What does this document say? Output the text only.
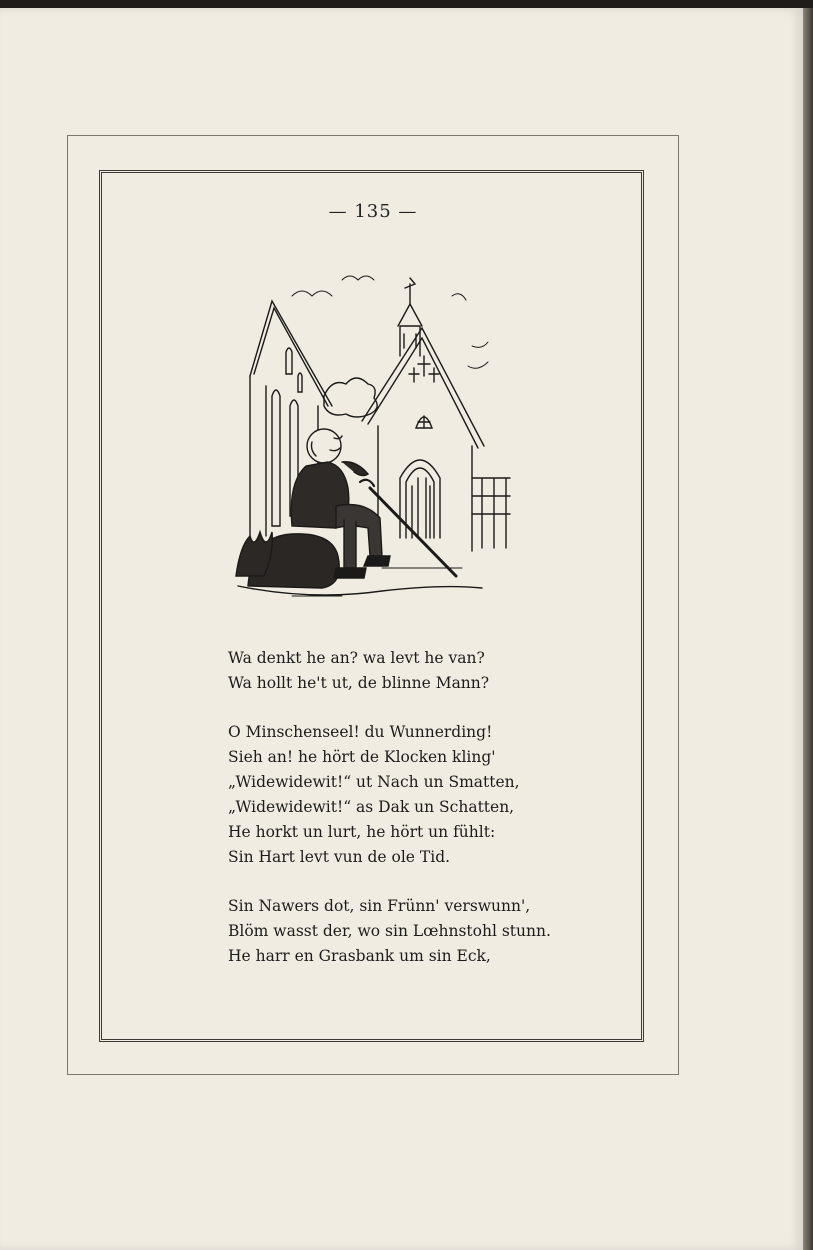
— 135 —
Wa denkt he an? wa levt he van?
Wa hollt he't ut, de blinne Mann?
O Minschenseel! du Wunnerding!
Sieh an! he hört de Klocken kling'
„Widewidewit!“ ut Nach un Smatten,
„Widewidewit!“ as Dak un Schatten,
He horkt un lurt, he hört un fühlt:
Sin Hart levt vun de ole Tid.
Sin Nawers dot, sin Frünn' verswunn',
Blöm wasst der, wo sin Lœhnstohl stunn.
He harr en Grasbank um sin Eck,
